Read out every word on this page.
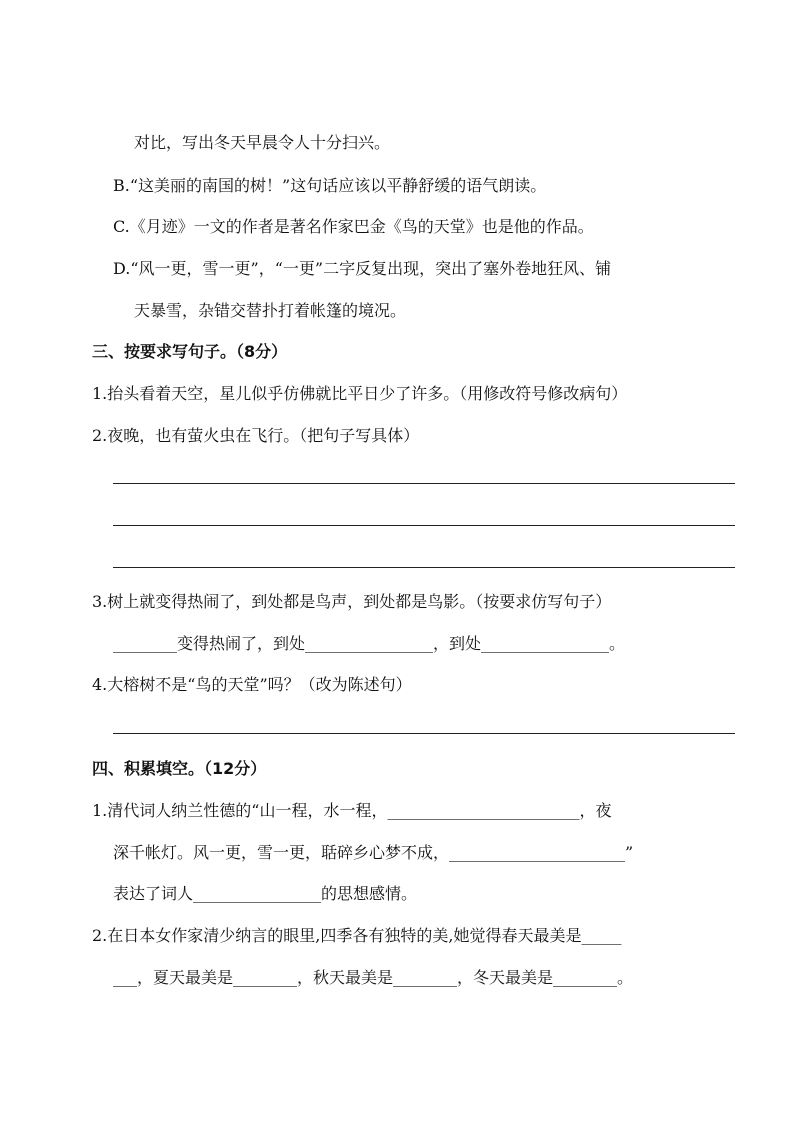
对比，写出冬天早晨令人十分扫兴。
B.“这美丽的南国的树！”这句话应该以平静舒缓的语气朗读。
C.《月迹》一文的作者是著名作家巴金《鸟的天堂》也是他的作品。
D.“风一更，雪一更”，“一更”二字反复出现，突出了塞外卷地狂风、铺
天暴雪，杂错交替扑打着帐篷的境况。
三、按要求写句子。（8分）
1.抬头看着天空，星儿似乎仿佛就比平日少了许多。（用修改符号修改病句）
2.夜晚，也有萤火虫在飞行。（把句子写具体）
3.树上就变得热闹了，到处都是鸟声，到处都是鸟影。（按要求仿写句子）
________变得热闹了，到处________________，到处________________。
4.大榕树不是“鸟的天堂”吗？（改为陈述句）
四、积累填空。（12分）
1.清代词人纳兰性德的“山一程，水一程，________________________，夜
深千帐灯。风一更，雪一更，聒碎乡心梦不成，______________________”
表达了词人________________的思想感情。
2.在日本女作家清少纳言的眼里,四季各有独特的美,她觉得春天最美是_____
___，夏天最美是________，秋天最美是________，冬天最美是________。
